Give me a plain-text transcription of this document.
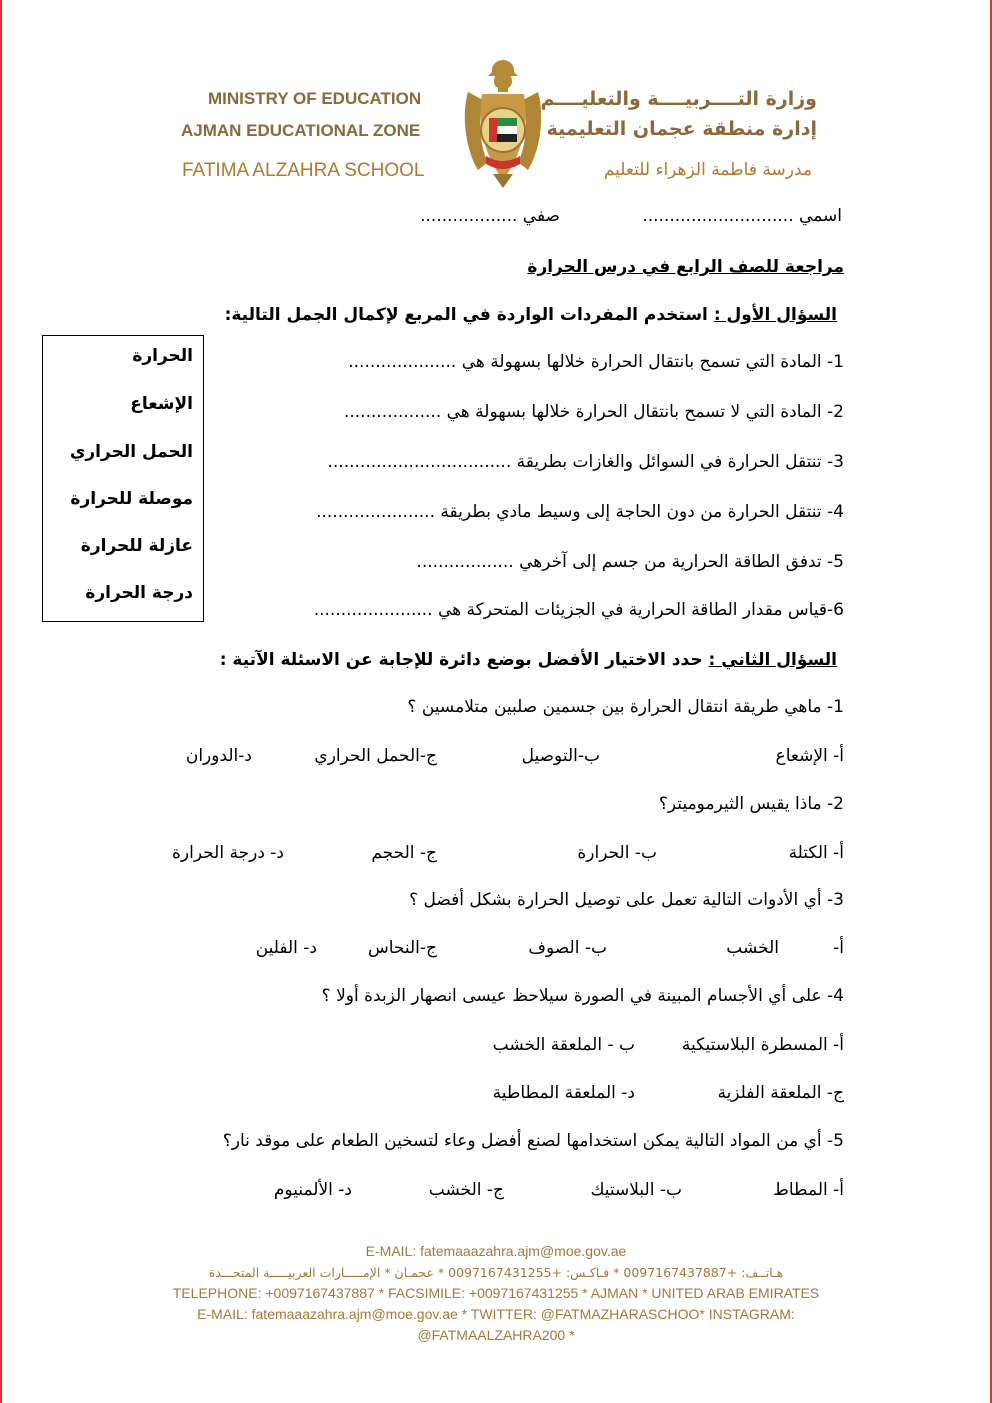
MINISTRY OF EDUCATION
AJMAN EDUCATIONAL ZONE
FATIMA ALZAHRA SCHOOL
وزارة التــــربيــــة والتعليــــم
إدارة منطقة عجمان التعليمية
مدرسة فاطمة الزهراء للتعليم
اسمي ............................
صفي ..................
مراجعة للصف الرابع في درس الحرارة
السؤال الأول : استخدم المفردات الواردة في المربع لإكمال الجمل التالية:
1- المادة التي تسمح بانتقال الحرارة خلالها بسهولة هي ....................
2- المادة التي لا تسمح بانتقال الحرارة خلالها بسهولة هي ..................
3- تنتقل الحرارة في السوائل والغازات بطريقة ..................................
4- تنتقل الحرارة من دون الحاجة إلى وسيط مادي بطريقة ......................
5- تدفق الطاقة الحرارية من جسم إلى آخرهي ..................
6-قياس مقدار الطاقة الحرارية في الجزيئات المتحركة هي ......................
الحرارة
الإشعاع
الحمل الحراري
موصلة للحرارة
عازلة للحرارة
درجة الحرارة
السؤال الثاني : حدد الاختيار الأفضل بوضع دائرة للإجابة عن الاسئلة الآتية :
1- ماهي طريقة انتقال الحرارة بين جسمين صلبين متلامسين ؟
أ- الإشعاع
ب-التوصيل
ج-الحمل الحراري
د-الدوران
2- ماذا يقيس الثيرموميتر؟
أ- الكتلة
ب- الحرارة
ج- الحجم
د- درجة الحرارة
3- أي الأدوات التالية تعمل على توصيل الحرارة بشكل أفضل ؟
أ-
الخشب
ب- الصوف
ج-النحاس
د- الفلين
4- على أي الأجسام المبينة في الصورة سيلاحظ عيسى انصهار الزبدة أولا ؟
أ- المسطرة البلاستيكية
ب - الملعقة الخشب
ج- الملعقة الفلزية
د- الملعقة المطاطية
5- أي من المواد التالية يمكن استخدامها لصنع أفضل وعاء لتسخين الطعام على موقد نار؟
أ- المطاط
ب- البلاستيك
ج- الخشب
د- الألمنيوم
E-MAIL: fatemaaazahra.ajm@moe.gov.ae
هـاتــف: +0097167437887 * فـاكـس: +0097167431255 * عجمـان * الإمـــــارات العربيـــــة المتحـــدة
TELEPHONE: +0097167437887 * FACSIMILE: +0097167431255 * AJMAN * UNITED ARAB EMIRATES
E-MAIL: fatemaaazahra.ajm@moe.gov.ae * TWITTER: @FATMAZHARASCHOO* INSTAGRAM:
@FATMAALZAHRA200 *
